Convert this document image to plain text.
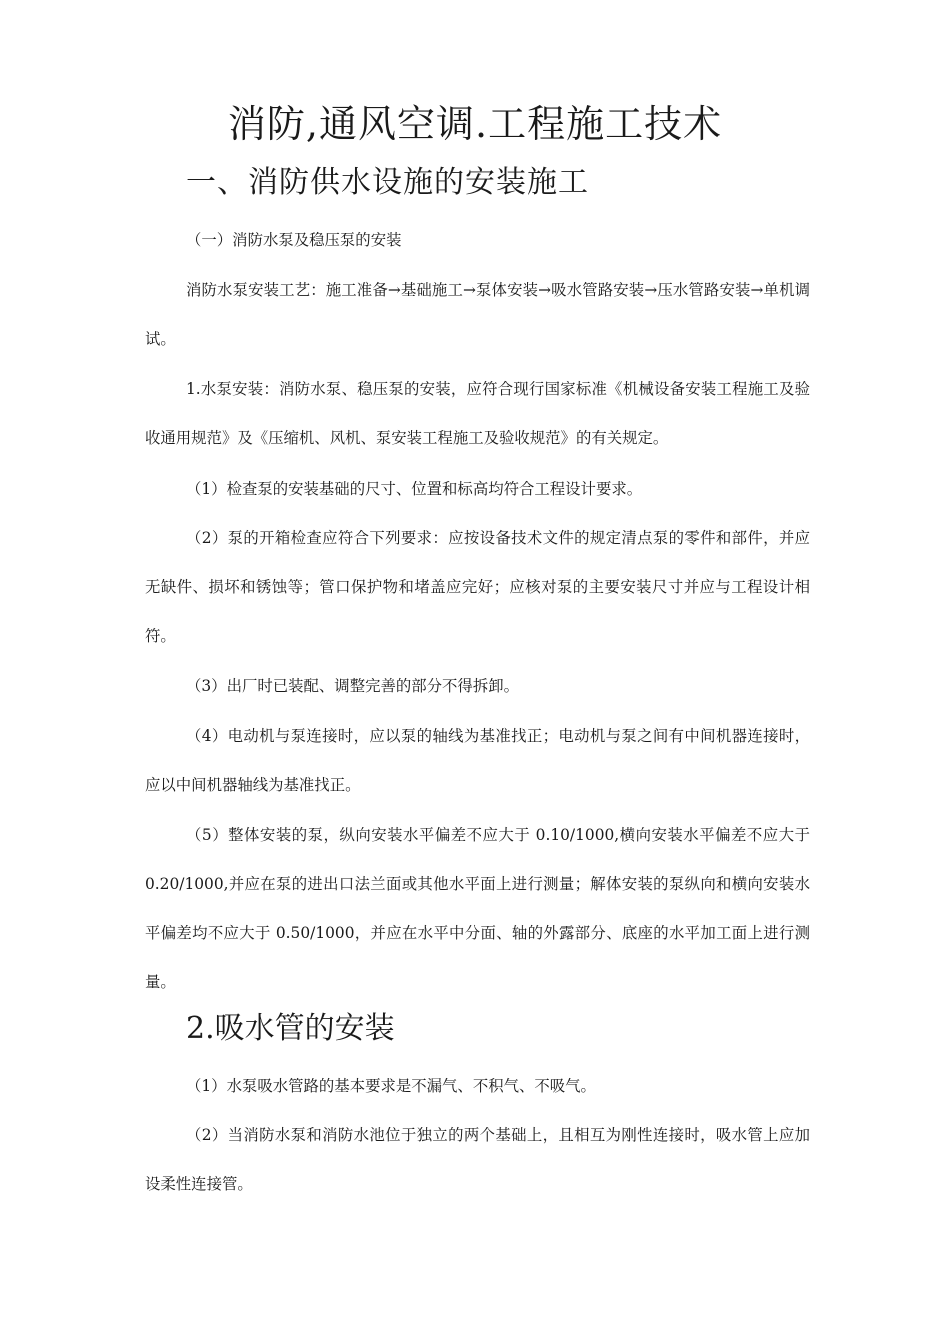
消防,通风空调.工程施工技术
一、消防供水设施的安装施工

（一）消防水泵及稳压泵的安装

消防水泵安装工艺：施工准备→基础施工→泵体安装→吸水管路安装→压水管路安装→单机调试。

1.水泵安装：消防水泵、稳压泵的安装，应符合现行国家标准《机械设备安装工程施工及验收通用规范》及《压缩机、风机、泵安装工程施工及验收规范》的有关规定。

（1）检查泵的安装基础的尺寸、位置和标高均符合工程设计要求。

（2）泵的开箱检查应符合下列要求：应按设备技术文件的规定清点泵的零件和部件，并应无缺件、损坏和锈蚀等；管口保护物和堵盖应完好；应核对泵的主要安装尺寸并应与工程设计相符。

（3）出厂时已装配、调整完善的部分不得拆卸。

（4）电动机与泵连接时，应以泵的轴线为基准找正；电动机与泵之间有中间机器连接时，应以中间机器轴线为基准找正。

（5）整体安装的泵，纵向安装水平偏差不应大于 0.10/1000,横向安装水平偏差不应大于 0.20/1000,并应在泵的进出口法兰面或其他水平面上进行测量；解体安装的泵纵向和横向安装水平偏差均不应大于 0.50/1000，并应在水平中分面、轴的外露部分、底座的水平加工面上进行测量。

2.吸水管的安装

（1）水泵吸水管路的基本要求是不漏气、不积气、不吸气。

（2）当消防水泵和消防水池位于独立的两个基础上，且相互为刚性连接时，吸水管上应加设柔性连接管。
